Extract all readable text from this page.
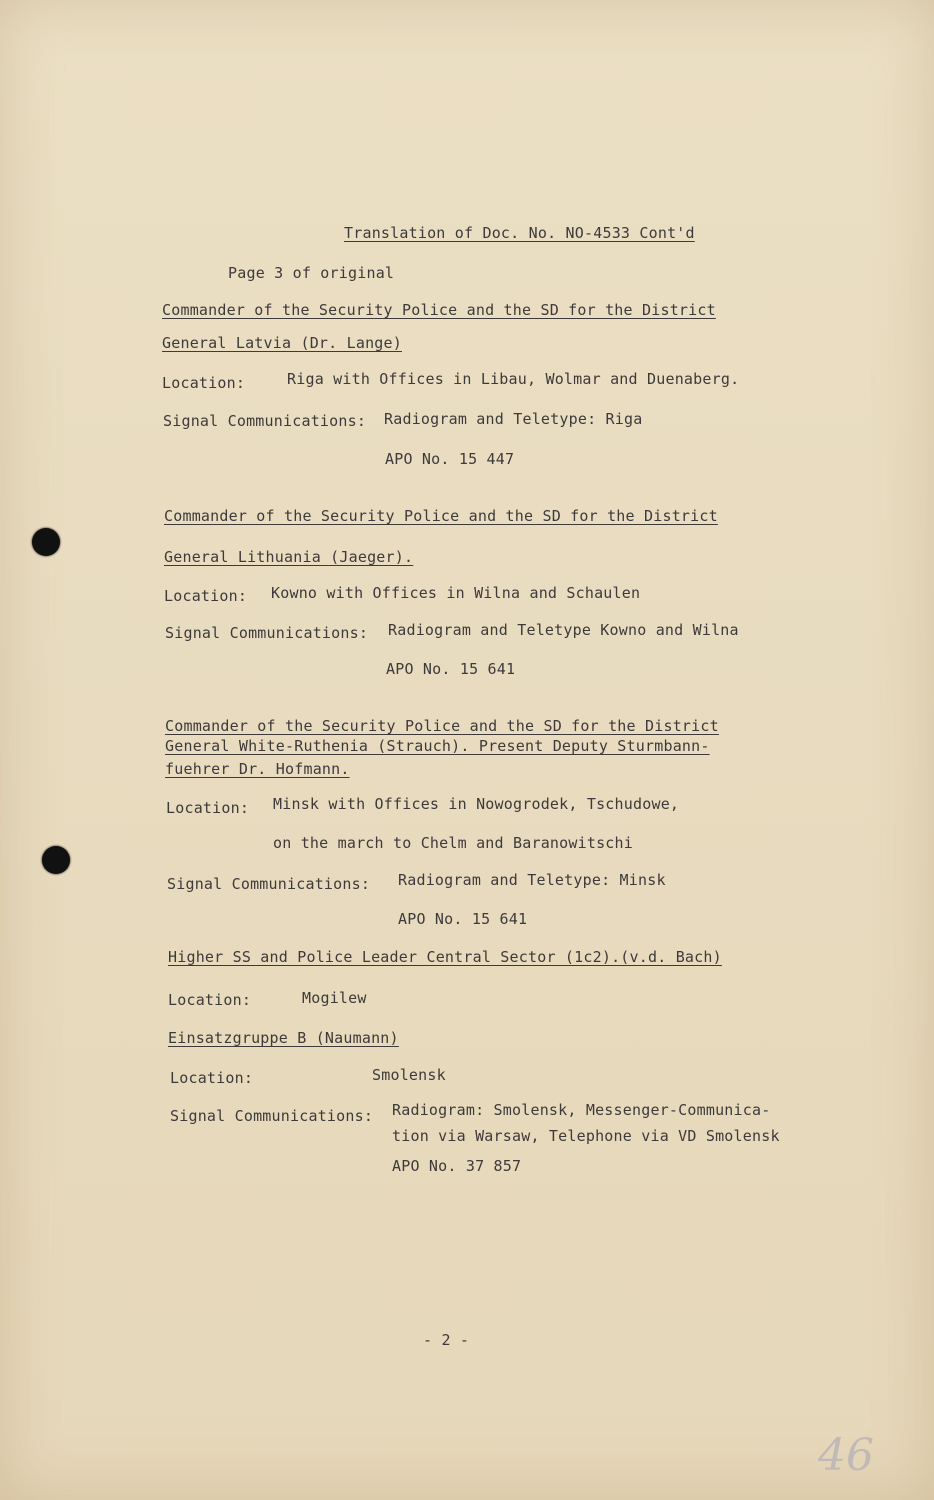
Translation of Doc. No. NO-4533 Cont'd
Page 3 of original
Commander of the Security Police and the SD for the District
General Latvia (Dr. Lange)
Location:	Riga with Offices in Libau, Wolmar and Duenaberg.
Signal Communications: Radiogram and Teletype: Riga
APO No. 15 447
Commander of the Security Police and the SD for the District
General Lithuania (Jaeger).
Location: Kowno with Offices in Wilna and Schaulen
Signal Communications: Radiogram and Teletype Kowno and Wilna
APO No. 15 641
Commander of the Security Police and the SD for the District
General White-Ruthenia (Strauch). Present Deputy Sturmbann-
fuehrer Dr. Hofmann.
Location: Minsk with Offices in Nowogrodek, Tschudowe,
on the march to Chelm and Baranowitschi
Signal Communications: Radiogram and Teletype: Minsk
APO No. 15 641
Higher SS and Police Leader Central Sector (1c2).(v.d. Bach)
Location:	Mogilew
Einsatzgruppe B (Naumann)
Location:	Smolensk
Signal Communications: Radiogram: Smolensk, Messenger-Communica-
tion via Warsaw, Telephone via VD Smolensk
APO No. 37 857
- 2 -
46
